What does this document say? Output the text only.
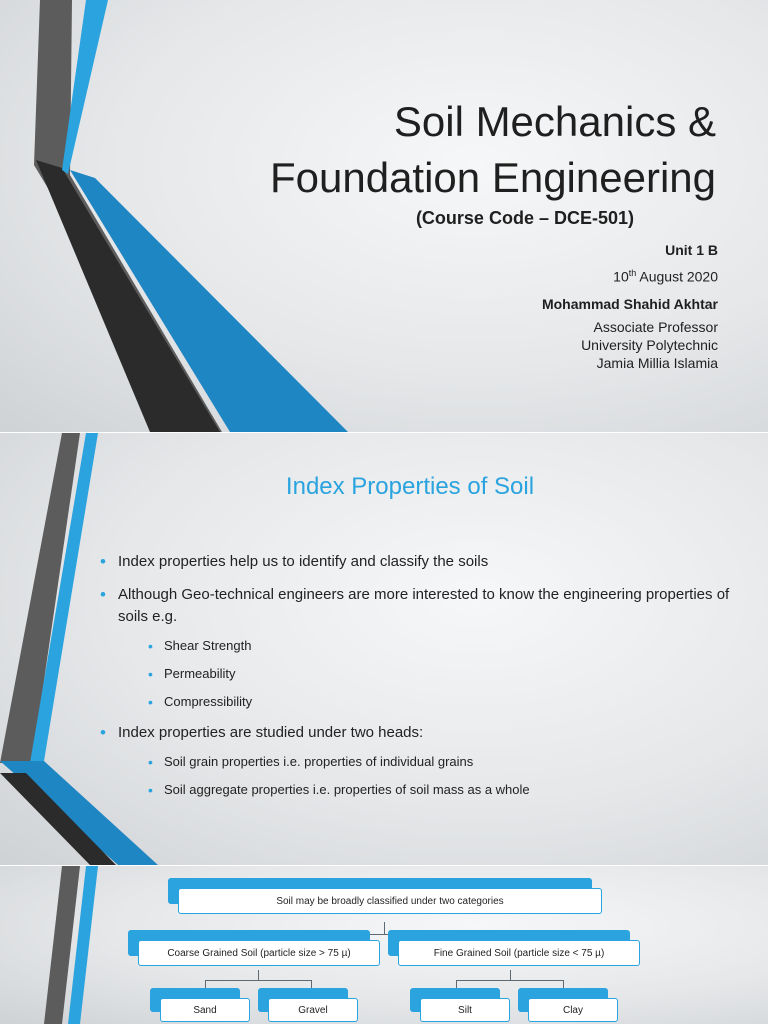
Soil Mechanics &
Foundation Engineering
(Course Code – DCE-501)
Unit 1 B
10th August 2020
Mohammad Shahid Akhtar
Associate Professor
University Polytechnic
Jamia Millia Islamia
Index Properties of Soil
• Index properties help us to identify and classify the soils
• Although Geo-technical engineers are more interested to know the engineering properties of soils e.g.
• Shear Strength
• Permeability
• Compressibility
• Index properties are studied under two heads:
• Soil grain properties i.e. properties of individual grains
• Soil aggregate properties i.e. properties of soil mass as a whole
Soil may be broadly classified under two categories
Coarse Grained Soil (particle size > 75 µ)	Fine Grained Soil (particle size < 75 µ)
Sand	Gravel	Silt	Clay
